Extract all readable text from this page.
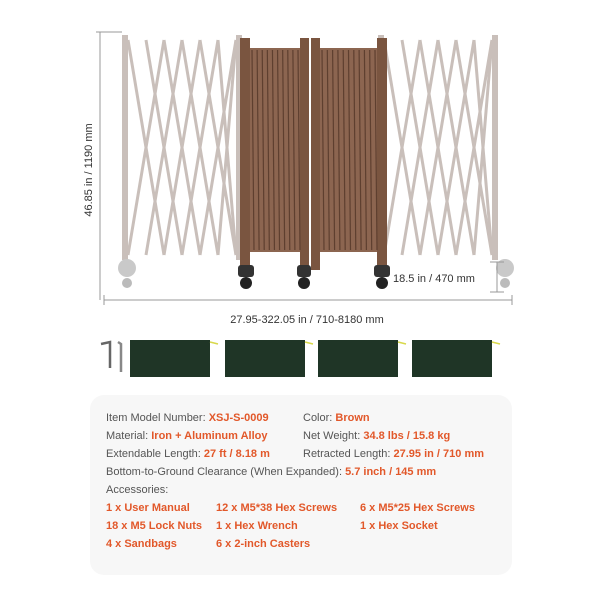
46.85 in / 1190 mm
18.5 in / 470 mm
27.95-322.05 in / 710-8180 mm
Item Model Number: XSJ-S-0009	Color: Brown
Material: Iron + Aluminum Alloy	Net Weight: 34.8 lbs / 15.8 kg
Extendable Length: 27 ft / 8.18 m	Retracted Length: 27.95 in / 710 mm
Bottom-to-Ground Clearance (When Expanded): 5.7 inch / 145 mm
Accessories:
1 x User Manual 12 x M5*38 Hex Screws 6 x M5*25 Hex Screws
18 x M5 Lock Nuts 1 x Hex Wrench	1 x Hex Socket
4 x Sandbags	6 x 2-inch Casters
